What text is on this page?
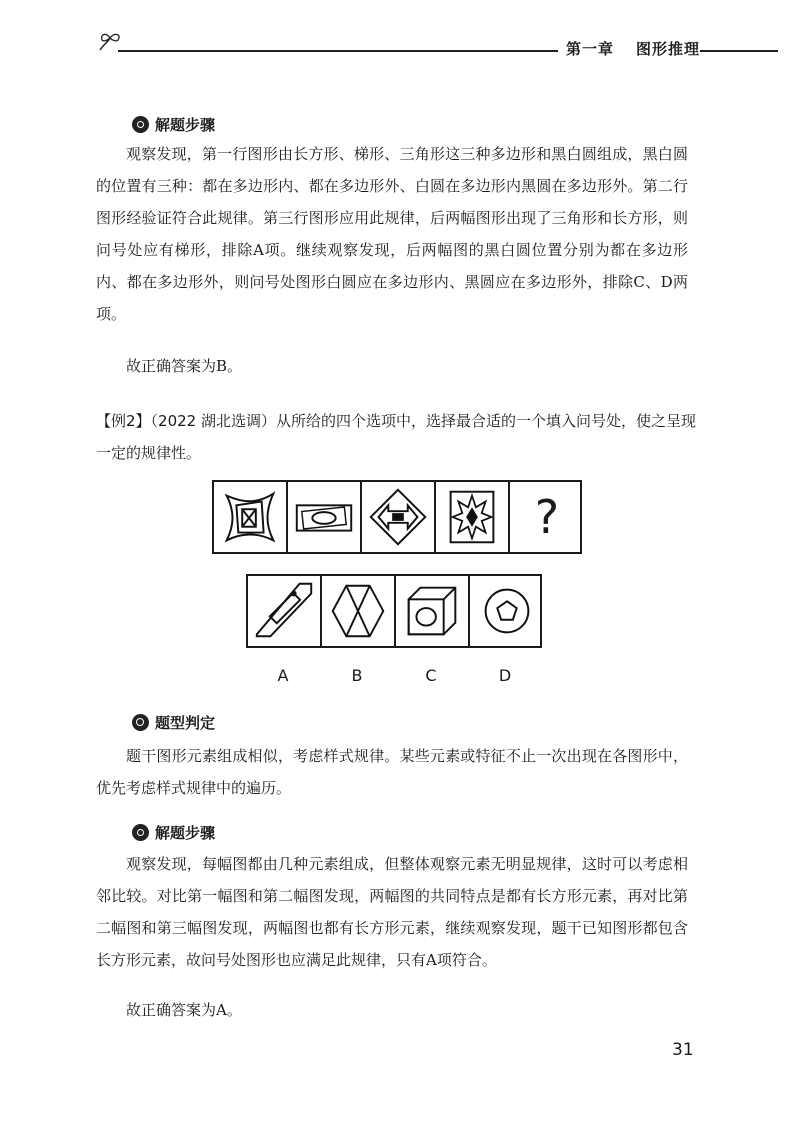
第一章 图形推理
解题步骤

观察发现，第一行图形由长方形、梯形、三角形这三种多边形和黑白圆组成，黑白圆的位置有三种：都在多边形内、都在多边形外、白圆在多边形内黑圆在多边形外。第二行图形经验证符合此规律。第三行图形应用此规律，后两幅图形出现了三角形和长方形，则问号处应有梯形，排除A项。继续观察发现，后两幅图的黑白圆位置分别为都在多边形内、都在多边形外，则问号处图形白圆应在多边形内、黑圆应在多边形外，排除C、D两项。

故正确答案为B。

【例2】（2022 湖北选调）从所给的四个选项中，选择最合适的一个填入问号处，使之呈现一定的规律性。
?
A	B	C	D
题型判定

题干图形元素组成相似，考虑样式规律。某些元素或特征不止一次出现在各图形中，优先考虑样式规律中的遍历。

解题步骤

观察发现，每幅图都由几种元素组成，但整体观察元素无明显规律，这时可以考虑相邻比较。对比第一幅图和第二幅图发现，两幅图的共同特点是都有长方形元素，再对比第二幅图和第三幅图发现，两幅图也都有长方形元素，继续观察发现，题干已知图形都包含长方形元素，故问号处图形也应满足此规律，只有A项符合。

故正确答案为A。

31
